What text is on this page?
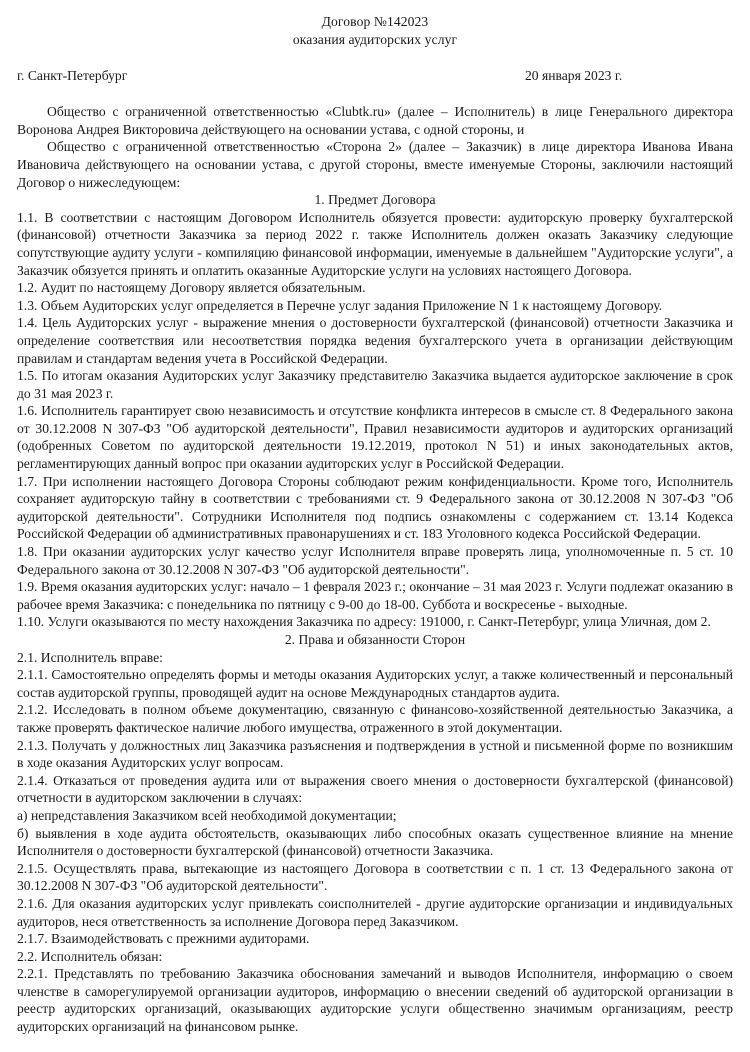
Договор №142023
оказания аудиторских услуг
г. Санкт-Петербург	20 января 2023 г.

Общество с ограниченной ответственностью «Clubtk.ru» (далее – Исполнитель) в лице Генерального директора Воронова Андрея Викторовича действующего на основании устава, с одной стороны, и

Общество с ограниченной ответственностью «Сторона 2» (далее – Заказчик) в лице директора Иванова Ивана Ивановича действующего на основании устава, с другой стороны, вместе именуемые Стороны, заключили настоящий Договор о нижеследующем:

1. Предмет Договора

1.1. В соответствии с настоящим Договором Исполнитель обязуется провести: аудиторскую проверку бухгалтерской (финансовой) отчетности Заказчика за период 2022 г. также Исполнитель должен оказать Заказчику следующие сопутствующие аудиту услуги - компиляцию финансовой информации, именуемые в дальнейшем "Аудиторские услуги", а Заказчик обязуется принять и оплатить оказанные Аудиторские услуги на условиях настоящего Договора.

1.2. Аудит по настоящему Договору является обязательным.

1.3. Объем Аудиторских услуг определяется в Перечне услуг задания Приложение N 1 к настоящему Договору.

1.4. Цель Аудиторских услуг - выражение мнения о достоверности бухгалтерской (финансовой) отчетности Заказчика и определение соответствия или несоответствия порядка ведения бухгалтерского учета в организации действующим правилам и стандартам ведения учета в Российской Федерации.

1.5. По итогам оказания Аудиторских услуг Заказчику представителю Заказчика выдается аудиторское заключение в срок до 31 мая 2023 г.

1.6. Исполнитель гарантирует свою независимость и отсутствие конфликта интересов в смысле ст. 8 Федерального закона от 30.12.2008 N 307-ФЗ "Об аудиторской деятельности", Правил независимости аудиторов и аудиторских организаций (одобренных Советом по аудиторской деятельности 19.12.2019, протокол N 51) и иных законодательных актов, регламентирующих данный вопрос при оказании аудиторских услуг в Российской Федерации.

1.7. При исполнении настоящего Договора Стороны соблюдают режим конфиденциальности. Кроме того, Исполнитель сохраняет аудиторскую тайну в соответствии с требованиями ст. 9 Федерального закона от 30.12.2008 N 307-ФЗ "Об аудиторской деятельности". Сотрудники Исполнителя под подпись ознакомлены с содержанием ст. 13.14 Кодекса Российской Федерации об административных правонарушениях и ст. 183 Уголовного кодекса Российской Федерации.

1.8. При оказании аудиторских услуг качество услуг Исполнителя вправе проверять лица, уполномоченные п. 5 ст. 10 Федерального закона от 30.12.2008 N 307-ФЗ "Об аудиторской деятельности".

1.9. Время оказания аудиторских услуг: начало – 1 февраля 2023 г.; окончание – 31 мая 2023 г. Услуги подлежат оказанию в рабочее время Заказчика: с понедельника по пятницу с 9-00 до 18-00. Суббота и воскресенье - выходные.

1.10. Услуги оказываются по месту нахождения Заказчика по адресу: 191000, г. Санкт-Петербург, улица Уличная, дом 2.

2. Права и обязанности Сторон

2.1. Исполнитель вправе:

2.1.1. Самостоятельно определять формы и методы оказания Аудиторских услуг, а также количественный и персональный состав аудиторской группы, проводящей аудит на основе Международных стандартов аудита.

2.1.2. Исследовать в полном объеме документацию, связанную с финансово-хозяйственной деятельностью Заказчика, а также проверять фактическое наличие любого имущества, отраженного в этой документации.

2.1.3. Получать у должностных лиц Заказчика разъяснения и подтверждения в устной и письменной форме по возникшим в ходе оказания Аудиторских услуг вопросам.

2.1.4. Отказаться от проведения аудита или от выражения своего мнения о достоверности бухгалтерской (финансовой) отчетности в аудиторском заключении в случаях:

а) непредставления Заказчиком всей необходимой документации;

б) выявления в ходе аудита обстоятельств, оказывающих либо способных оказать существенное влияние на мнение Исполнителя о достоверности бухгалтерской (финансовой) отчетности Заказчика.

2.1.5. Осуществлять права, вытекающие из настоящего Договора в соответствии с п. 1 ст. 13 Федерального закона от 30.12.2008 N 307-ФЗ "Об аудиторской деятельности".

2.1.6. Для оказания аудиторских услуг привлекать соисполнителей - другие аудиторские организации и индивидуальных аудиторов, неся ответственность за исполнение Договора перед Заказчиком.

2.1.7. Взаимодействовать с прежними аудиторами.

2.2. Исполнитель обязан:

2.2.1. Представлять по требованию Заказчика обоснования замечаний и выводов Исполнителя, информацию о своем членстве в саморегулируемой организации аудиторов, информацию о внесении сведений об аудиторской организации в реестр аудиторских организаций, оказывающих аудиторские услуги общественно значимым организациям, реестр аудиторских организаций на финансовом рынке.
